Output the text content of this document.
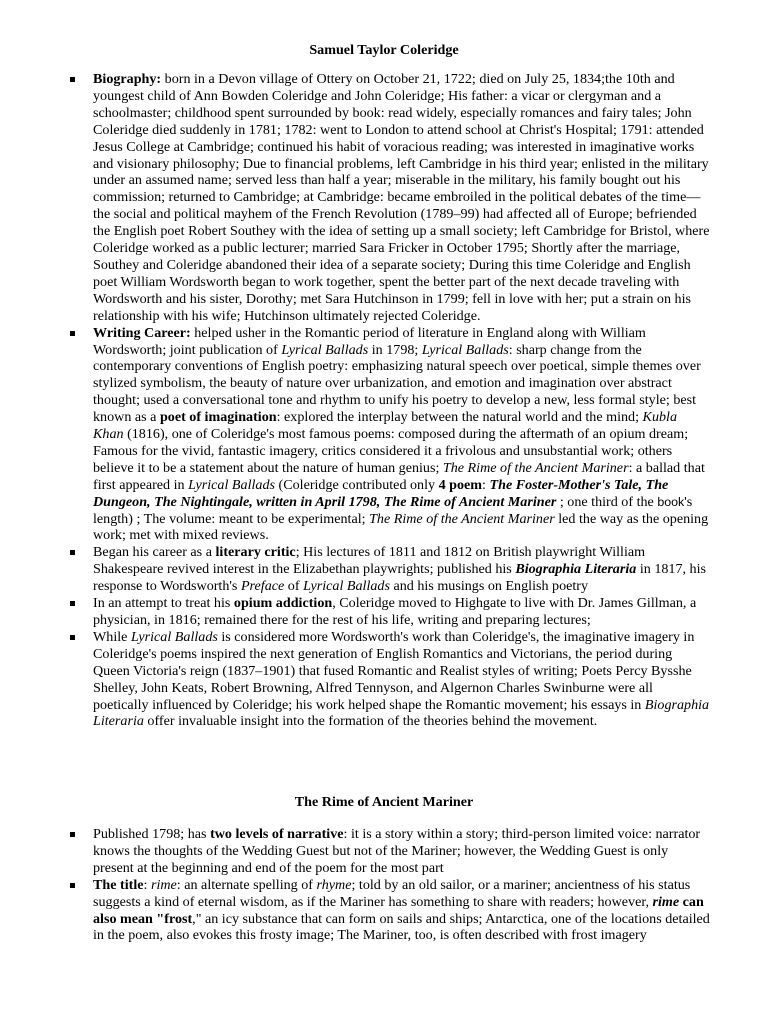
Samuel Taylor Coleridge
Biography: born in a Devon village of Ottery on October 21, 1722; died on July 25, 1834;the 10th and youngest child of Ann Bowden Coleridge and John Coleridge; His father: a vicar or clergyman and a schoolmaster; childhood spent surrounded by book: read widely, especially romances and fairy tales; John Coleridge died suddenly in 1781; 1782: went to London to attend school at Christ's Hospital; 1791: attended Jesus College at Cambridge; continued his habit of voracious reading; was interested in imaginative works and visionary philosophy; Due to financial problems, left Cambridge in his third year; enlisted in the military under an assumed name; served less than half a year; miserable in the military, his family bought out his commission; returned to Cambridge; at Cambridge: became embroiled in the political debates of the time—the social and political mayhem of the French Revolution (1789–99) had affected all of Europe; befriended the English poet Robert Southey with the idea of setting up a small society; left Cambridge for Bristol, where Coleridge worked as a public lecturer; married Sara Fricker in October 1795; Shortly after the marriage, Southey and Coleridge abandoned their idea of a separate society; During this time Coleridge and English poet William Wordsworth began to work together, spent the better part of the next decade traveling with Wordsworth and his sister, Dorothy; met Sara Hutchinson in 1799; fell in love with her; put a strain on his relationship with his wife; Hutchinson ultimately rejected Coleridge.
Writing Career: helped usher in the Romantic period of literature in England along with William Wordsworth; joint publication of Lyrical Ballads in 1798; Lyrical Ballads: sharp change from the contemporary conventions of English poetry: emphasizing natural speech over poetical, simple themes over stylized symbolism, the beauty of nature over urbanization, and emotion and imagination over abstract thought; used a conversational tone and rhythm to unify his poetry to develop a new, less formal style; best known as a poet of imagination: explored the interplay between the natural world and the mind; Kubla Khan (1816), one of Coleridge's most famous poems: composed during the aftermath of an opium dream; Famous for the vivid, fantastic imagery, critics considered it a frivolous and unsubstantial work; others believe it to be a statement about the nature of human genius; The Rime of the Ancient Mariner: a ballad that first appeared in Lyrical Ballads (Coleridge contributed only 4 poem: The Foster-Mother's Tale, The Dungeon, The Nightingale, written in April 1798, The Rime of Ancient Mariner ; one third of the book's length) ; The volume: meant to be experimental; The Rime of the Ancient Mariner led the way as the opening work; met with mixed reviews.
Began his career as a literary critic; His lectures of 1811 and 1812 on British playwright William Shakespeare revived interest in the Elizabethan playwrights; published his Biographia Literaria in 1817, his response to Wordsworth's Preface of Lyrical Ballads and his musings on English poetry
In an attempt to treat his opium addiction, Coleridge moved to Highgate to live with Dr. James Gillman, a physician, in 1816; remained there for the rest of his life, writing and preparing lectures;
While Lyrical Ballads is considered more Wordsworth's work than Coleridge's, the imaginative imagery in Coleridge's poems inspired the next generation of English Romantics and Victorians, the period during Queen Victoria's reign (1837–1901) that fused Romantic and Realist styles of writing; Poets Percy Bysshe Shelley, John Keats, Robert Browning, Alfred Tennyson, and Algernon Charles Swinburne were all poetically influenced by Coleridge; his work helped shape the Romantic movement; his essays in Biographia Literaria offer invaluable insight into the formation of the theories behind the movement.
The Rime of Ancient Mariner
Published 1798; has two levels of narrative: it is a story within a story; third-person limited voice: narrator knows the thoughts of the Wedding Guest but not of the Mariner; however, the Wedding Guest is only present at the beginning and end of the poem for the most part
The title: rime: an alternate spelling of rhyme; told by an old sailor, or a mariner; ancientness of his status suggests a kind of eternal wisdom, as if the Mariner has something to share with readers; however, rime can also mean "frost," an icy substance that can form on sails and ships; Antarctica, one of the locations detailed in the poem, also evokes this frosty image; The Mariner, too, is often described with frost imagery
